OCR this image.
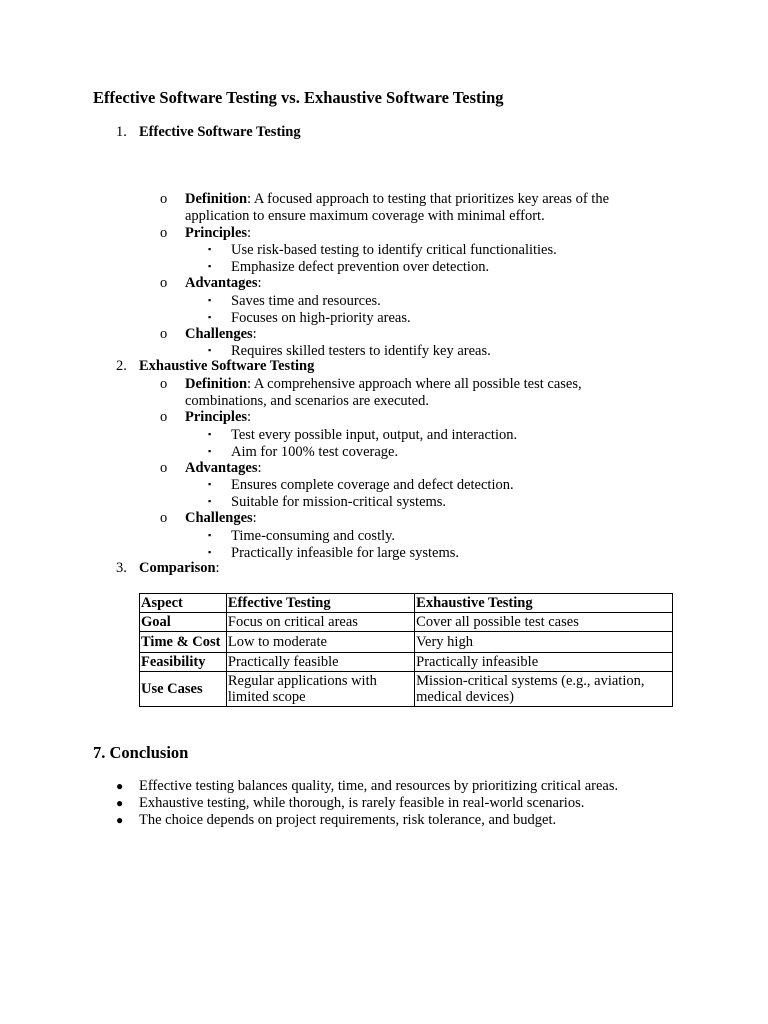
Effective Software Testing vs. Exhaustive Software Testing
1. Effective Software Testing
o Definition: A focused approach to testing that prioritizes key areas of the application to ensure maximum coverage with minimal effort.
o Principles:
▪ Use risk-based testing to identify critical functionalities.
▪ Emphasize defect prevention over detection.
o Advantages:
▪ Saves time and resources.
▪ Focuses on high-priority areas.
o Challenges:
▪ Requires skilled testers to identify key areas.
2. Exhaustive Software Testing
o Definition: A comprehensive approach where all possible test cases, combinations, and scenarios are executed.
o Principles:
▪ Test every possible input, output, and interaction.
▪ Aim for 100% test coverage.
o Advantages:
▪ Ensures complete coverage and defect detection.
▪ Suitable for mission-critical systems.
o Challenges:
▪ Time-consuming and costly.
▪ Practically infeasible for large systems.
3. Comparison:
Aspect	Effective Testing	Exhaustive Testing
Goal	Focus on critical areas	Cover all possible test cases
Time & Cost	Low to moderate	Very high
Feasibility	Practically feasible	Practically infeasible
Use Cases	Regular applications with limited scope	Mission-critical systems (e.g., aviation, medical devices)
7. Conclusion
● Effective testing balances quality, time, and resources by prioritizing critical areas.
● Exhaustive testing, while thorough, is rarely feasible in real-world scenarios.
● The choice depends on project requirements, risk tolerance, and budget.
